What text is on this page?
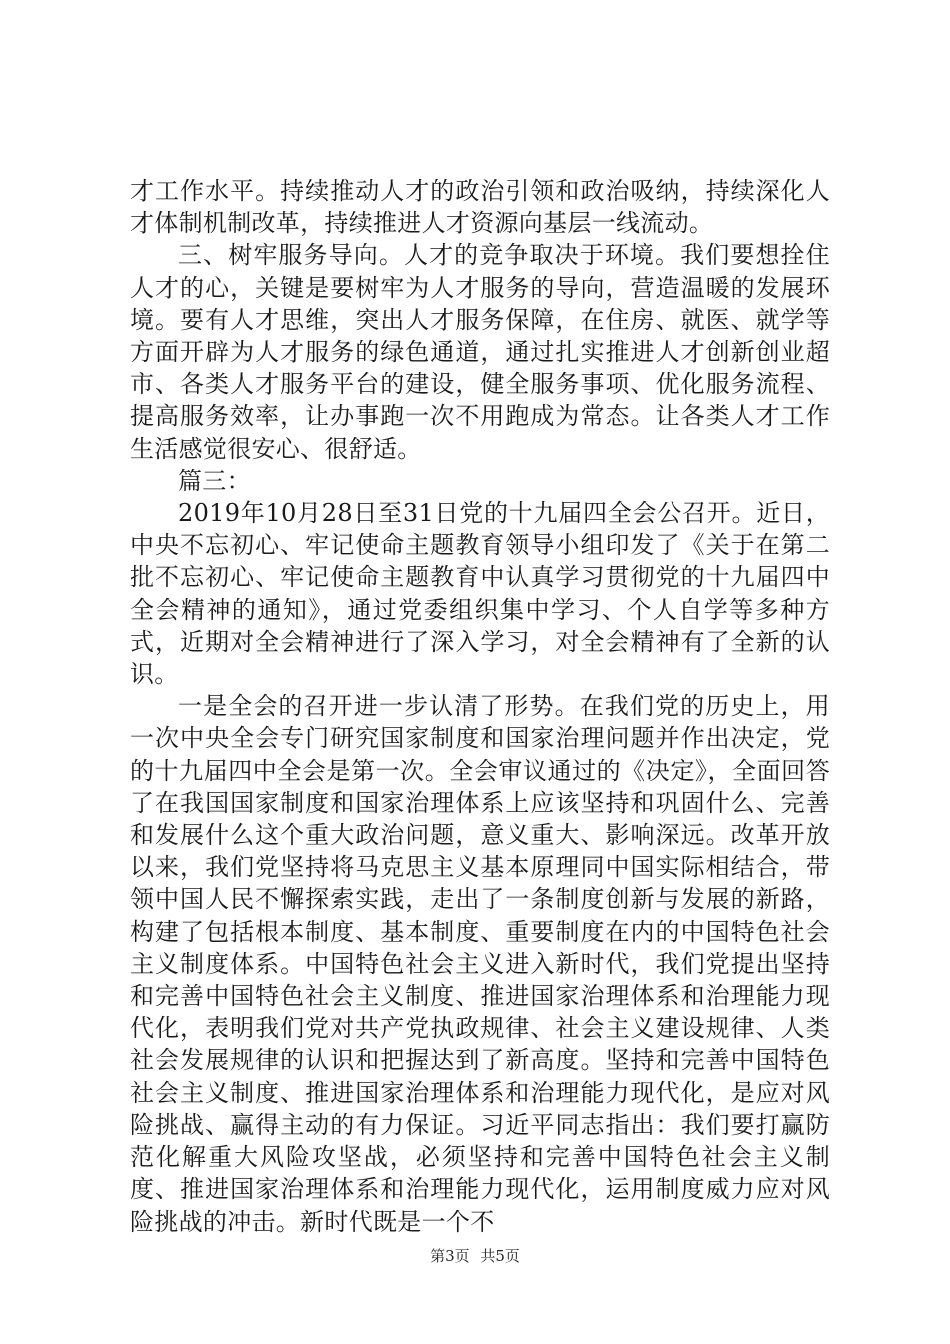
才工作水平。持续推动人才的政治引领和政治吸纳，持续深化人才体制机制改革，持续推进人才资源向基层一线流动。

三、树牢服务导向。人才的竞争取决于环境。我们要想拴住人才的心，关键是要树牢为人才服务的导向，营造温暖的发展环境。要有人才思维，突出人才服务保障，在住房、就医、就学等方面开辟为人才服务的绿色通道，通过扎实推进人才创新创业超市、各类人才服务平台的建设，健全服务事项、优化服务流程、提高服务效率，让办事跑一次不用跑成为常态。让各类人才工作生活感觉很安心、很舒适。

篇三：

2019年10月28日至31日党的十九届四全会公召开。近日，中央不忘初心、牢记使命主题教育领导小组印发了《关于在第二批不忘初心、牢记使命主题教育中认真学习贯彻党的十九届四中全会精神的通知》，通过党委组织集中学习、个人自学等多种方式，近期对全会精神进行了深入学习，对全会精神有了全新的认识。

一是全会的召开进一步认清了形势。在我们党的历史上，用一次中央全会专门研究国家制度和国家治理问题并作出决定，党的十九届四中全会是第一次。全会审议通过的《决定》，全面回答了在我国国家制度和国家治理体系上应该坚持和巩固什么、完善和发展什么这个重大政治问题，意义重大、影响深远。改革开放以来，我们党坚持将马克思主义基本原理同中国实际相结合，带领中国人民不懈探索实践，走出了一条制度创新与发展的新路，构建了包括根本制度、基本制度、重要制度在内的中国特色社会主义制度体系。中国特色社会主义进入新时代，我们党提出坚持和完善中国特色社会主义制度、推进国家治理体系和治理能力现代化，表明我们党对共产党执政规律、社会主义建设规律、人类社会发展规律的认识和把握达到了新高度。坚持和完善中国特色社会主义制度、推进国家治理体系和治理能力现代化，是应对风险挑战、赢得主动的有力保证。习近平同志指出：我们要打赢防范化解重大风险攻坚战，必须坚持和完善中国特色社会主义制度、推进国家治理体系和治理能力现代化，运用制度威力应对风险挑战的冲击。新时代既是一个不

第3页 共5页
